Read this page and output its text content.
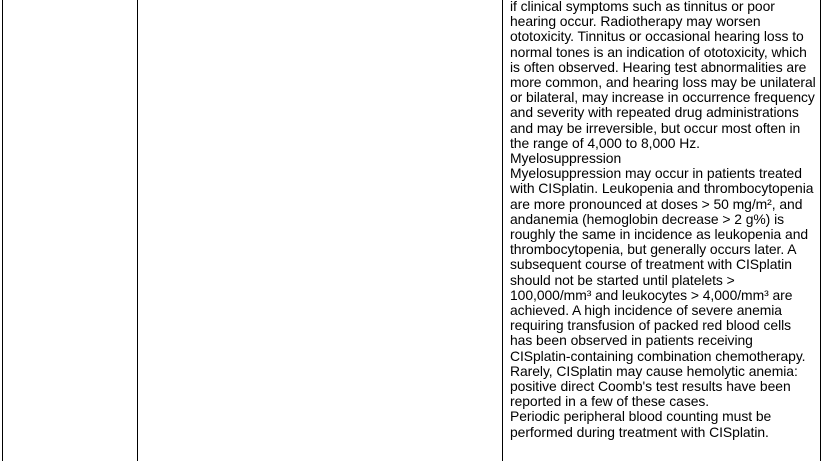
if clinical symptoms such as tinnitus or poor
hearing occur. Radiotherapy may worsen
ototoxicity. Tinnitus or occasional hearing loss to
normal tones is an indication of ototoxicity, which
is often observed. Hearing test abnormalities are
more common, and hearing loss may be unilateral
or bilateral, may increase in occurrence frequency
and severity with repeated drug administrations
and may be irreversible, but occur most often in
the range of 4,000 to 8,000 Hz.
Myelosuppression
Myelosuppression may occur in patients treated
with CISplatin. Leukopenia and thrombocytopenia
are more pronounced at doses > 50 mg/m², and
andanemia (hemoglobin decrease > 2 g%) is
roughly the same in incidence as leukopenia and
thrombocytopenia, but generally occurs later. A
subsequent course of treatment with CISplatin
should not be started until platelets >
100,000/mm³ and leukocytes > 4,000/mm³ are
achieved. A high incidence of severe anemia
requiring transfusion of packed red blood cells
has been observed in patients receiving
CISplatin-containing combination chemotherapy.
Rarely, CISplatin may cause hemolytic anemia:
positive direct Coomb's test results have been
reported in a few of these cases.
Periodic peripheral blood counting must be
performed during treatment with CISplatin.
